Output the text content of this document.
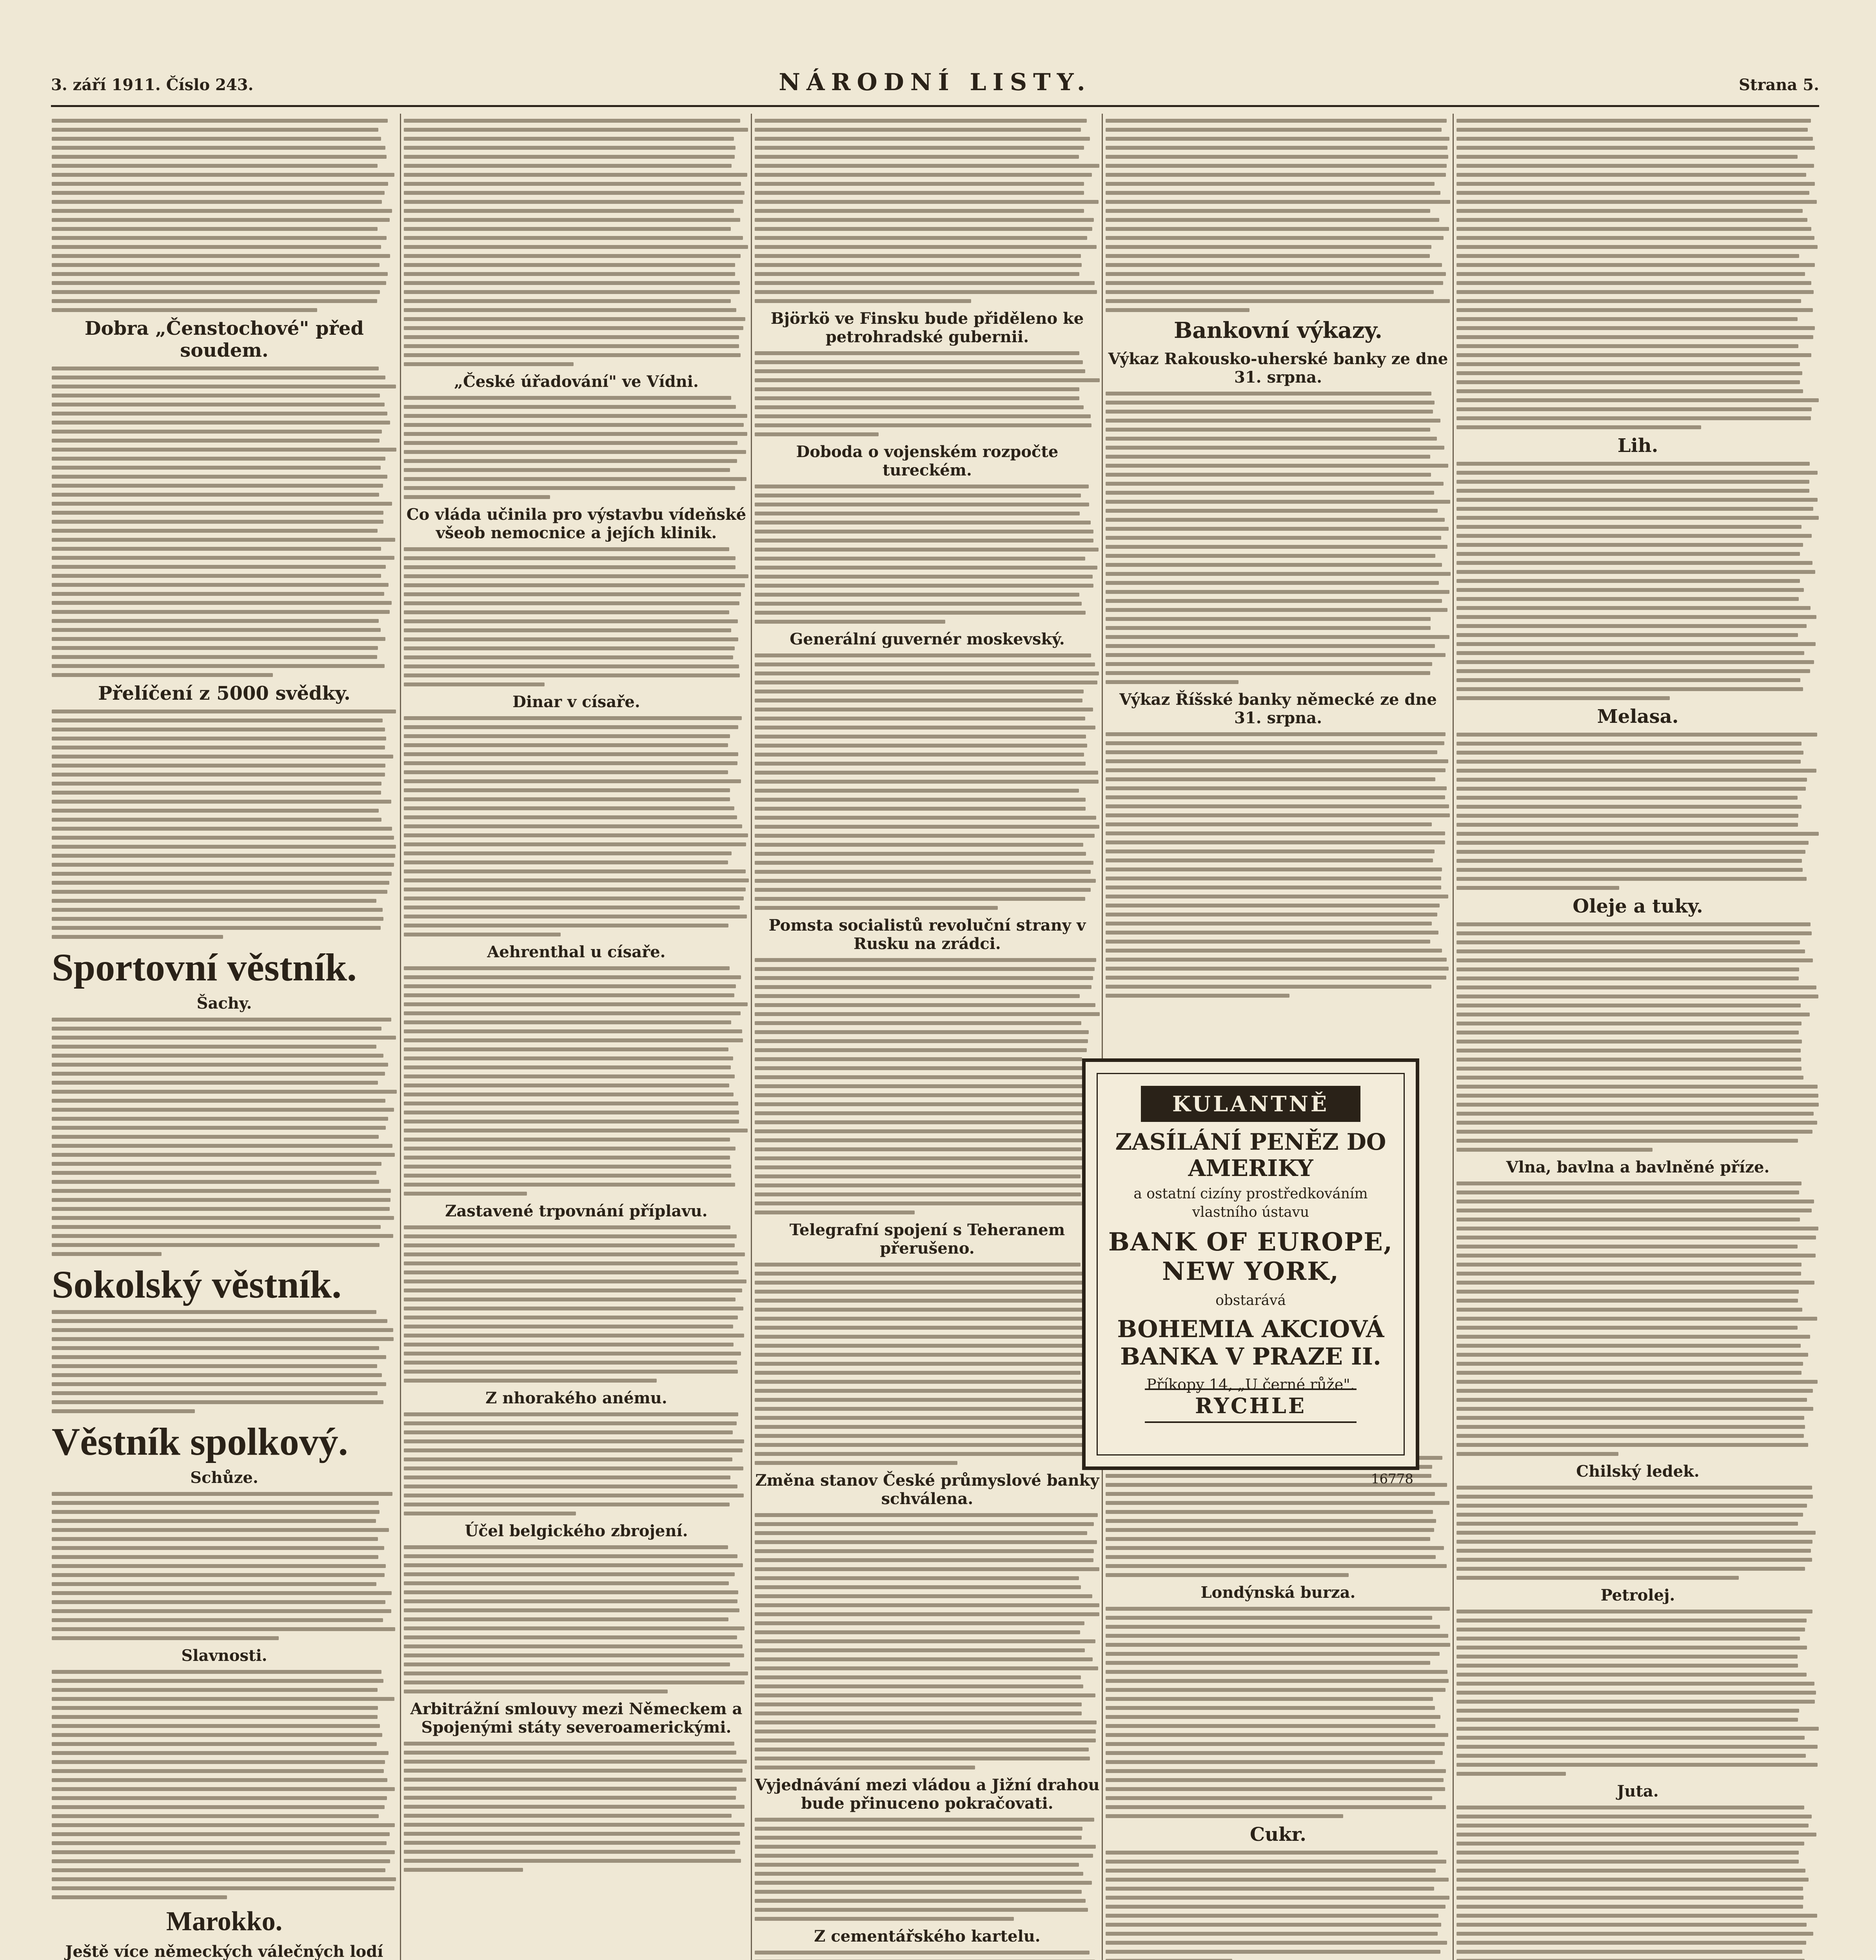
3. září 1911. Číslo 243.	NÁRODNÍ LISTY.	Strana 5.
Dobra „Čenstochové" před soudem.
Přelíčení z 5000 svědky.
Sportovní věstník.
Šachy.
Sokolský věstník.
Věstník spolkový.
Schůze.
Slavnosti.
Marokko.
Ještě více německých válečných lodí
„České úřadování" ve Vídni.
Co vláda učinila pro výstavbu vídeňské všeob nemocnice a jejích klinik.
Dinar v císaře.
Aehrenthal u císaře.
Zastavené trpovnání příplavu.
Z nhorakého anému.
Účel belgického zbrojení.
Arbitrážní smlouvy mezi Německem a Spojenými státy severoamerickými.
Björkö ve Finsku bude přiděleno ke petrohradské gubernii.
Doboda o vojenském rozpočte tureckém.
Generální guvernér moskevský.
Pomsta socialistů revoluční strany v Rusku na zrádci.
Telegrafní spojení s Teheranem přerušeno.
Změna stanov České průmyslové banky schválena.
Vyjednávání mezi vládou a Jižní drahou bude přinuceno pokračovati.
Z cementářského kartelu.
Bankovní výkazy.
Výkaz Rakousko-uherské banky ze dne 31. srpna.
Výkaz Říšské banky německé ze dne 31. srpna.
Londýnská burza.
Cukr.
Lih.
Melasa.
Oleje a tuky.
Vlna, bavlna a bavlněné příze.
Chilský ledek.
Petrolej.
Juta.
KULANTNĚ
ZASÍLÁNÍ PENĚZ DO AMERIKY
a ostatní cizíny prostředkováním vlastního ústavu
BANK OF EUROPE, NEW YORK,
obstarává
BOHEMIA AKCIOVÁ BANKA V PRAZE II.
Příkopy 14, „U černé růže".
RYCHLE
16778
